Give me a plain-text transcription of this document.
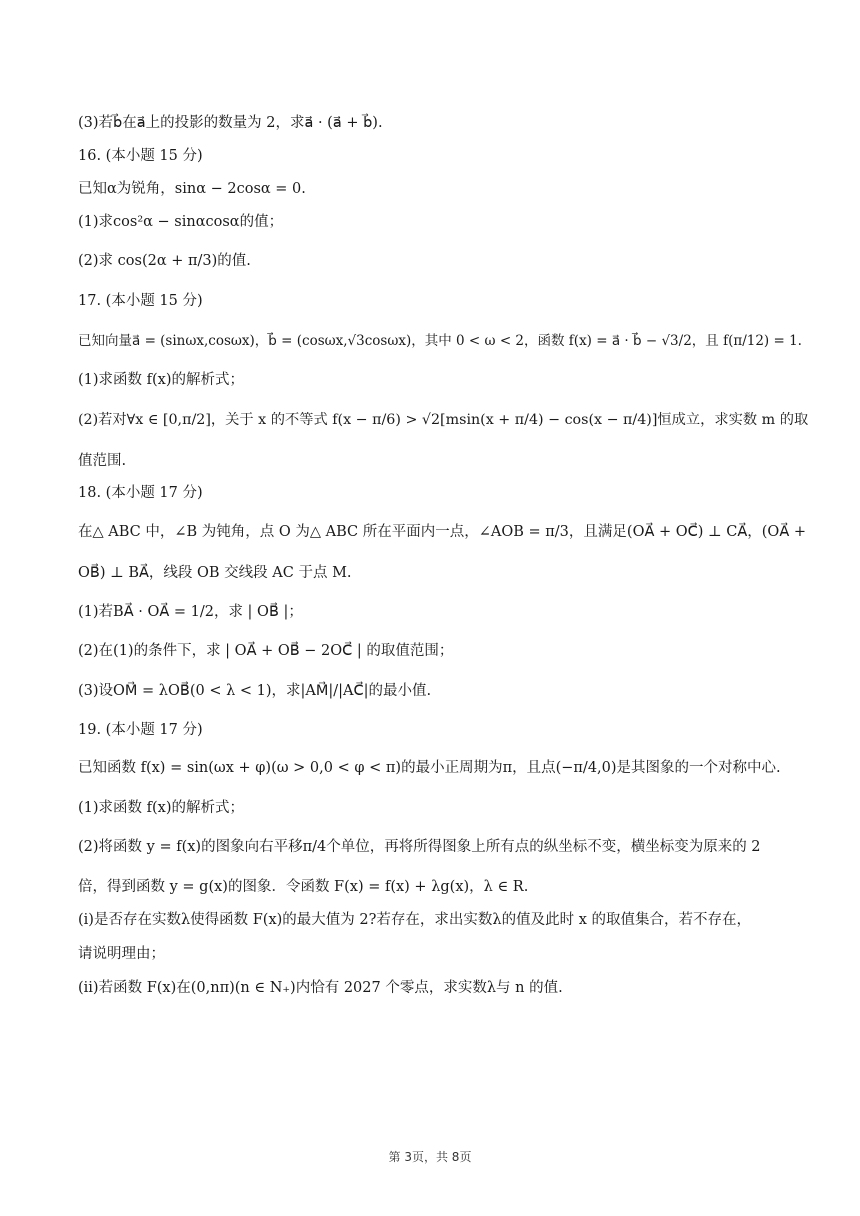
(3)若b⃗在a⃗上的投影的数量为 2，求a⃗ · (a⃗ + b⃗).
16. (本小题 15 分)
已知α为锐角，sinα − 2cosα = 0.
(1)求cos²α − sinαcosα的值；
(2)求 cos(2α + π/3)的值.
17. (本小题 15 分)
已知向量a⃗ = (sinωx,cosωx)，b⃗ = (cosωx,√3cosωx)，其中 0 < ω < 2，函数 f(x) = a⃗ · b⃗ − √3/2，且 f(π/12) = 1.
(1)求函数 f(x)的解析式；
(2)若对∀x ∈ [0,π/2]，关于 x 的不等式 f(x − π/6) > √2[msin(x + π/4) − cos(x − π/4)]恒成立，求实数 m 的取
值范围.
18. (本小题 17 分)
在△ ABC 中，∠B 为钝角，点 O 为△ ABC 所在平面内一点，∠AOB = π/3，且满足(OA⃗ + OC⃗) ⊥ CA⃗，(OA⃗ +
OB⃗) ⊥ BA⃗，线段 OB 交线段 AC 于点 M.
(1)若BA⃗ · OA⃗ = 1/2，求 | OB⃗ |；
(2)在(1)的条件下，求 | OA⃗ + OB⃗ − 2OC⃗ | 的取值范围；
(3)设OM⃗ = λOB⃗(0 < λ < 1)，求|AM⃗|/|AC⃗|的最小值.
19. (本小题 17 分)
已知函数 f(x) = sin(ωx + φ)(ω > 0,0 < φ < π)的最小正周期为π，且点(−π/4,0)是其图象的一个对称中心.
(1)求函数 f(x)的解析式；
(2)将函数 y = f(x)的图象向右平移π/4个单位，再将所得图象上所有点的纵坐标不变，横坐标变为原来的 2
倍，得到函数 y = g(x)的图象．令函数 F(x) = f(x) + λg(x)，λ ∈ R.
(ⅰ)是否存在实数λ使得函数 F(x)的最大值为 2?若存在，求出实数λ的值及此时 x 的取值集合，若不存在，
请说明理由；
(ⅱ)若函数 F(x)在(0,nπ)(n ∈ N₊)内恰有 2027 个零点，求实数λ与 n 的值.
第 3页，共 8页
